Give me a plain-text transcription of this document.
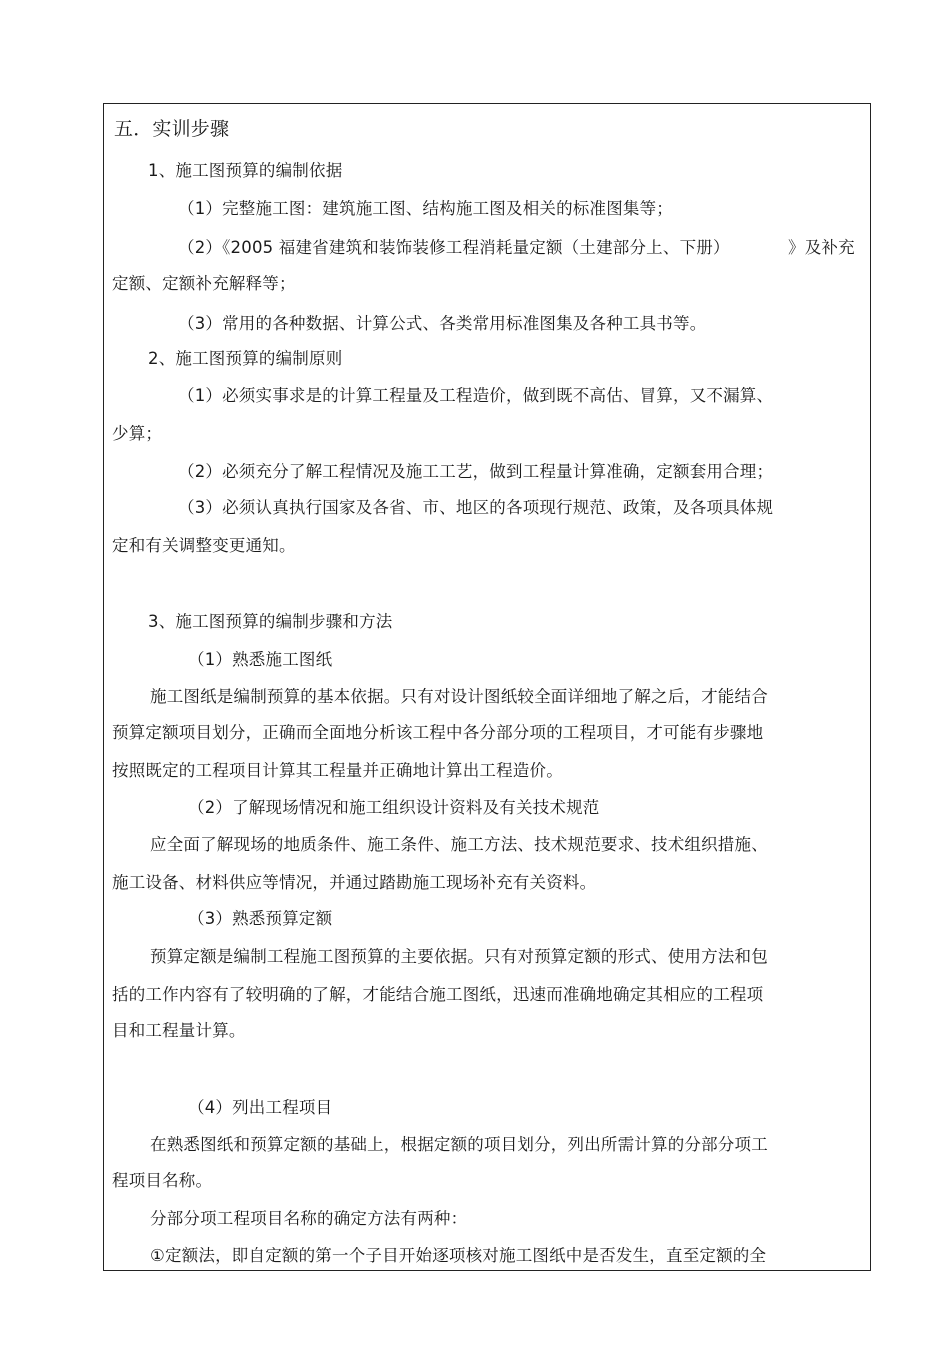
五．实训步骤
1、施工图预算的编制依据
（1）完整施工图：建筑施工图、结构施工图及相关的标准图集等；
（2）《2005 福建省建筑和装饰装修工程消耗量定额（土建部分上、下册）	》及补充
定额、定额补充解释等；
（3）常用的各种数据、计算公式、各类常用标准图集及各种工具书等。
2、施工图预算的编制原则
（1）必须实事求是的计算工程量及工程造价，做到既不高估、冒算，又不漏算、
少算；
（2）必须充分了解工程情况及施工工艺，做到工程量计算准确，定额套用合理；
（3）必须认真执行国家及各省、市、地区的各项现行规范、政策，及各项具体规
定和有关调整变更通知。
3、施工图预算的编制步骤和方法
（1）熟悉施工图纸
施工图纸是编制预算的基本依据。只有对设计图纸较全面详细地了解之后，才能结合
预算定额项目划分，正确而全面地分析该工程中各分部分项的工程项目，才可能有步骤地
按照既定的工程项目计算其工程量并正确地计算出工程造价。
（2）了解现场情况和施工组织设计资料及有关技术规范
应全面了解现场的地质条件、施工条件、施工方法、技术规范要求、技术组织措施、
施工设备、材料供应等情况，并通过踏勘施工现场补充有关资料。
（3）熟悉预算定额
预算定额是编制工程施工图预算的主要依据。只有对预算定额的形式、使用方法和包
括的工作内容有了较明确的了解，才能结合施工图纸，迅速而准确地确定其相应的工程项
目和工程量计算。
（4）列出工程项目
在熟悉图纸和预算定额的基础上，根据定额的项目划分，列出所需计算的分部分项工
程项目名称。
分部分项工程项目名称的确定方法有两种：
①定额法，即自定额的第一个子目开始逐项核对施工图纸中是否发生，直至定额的全
